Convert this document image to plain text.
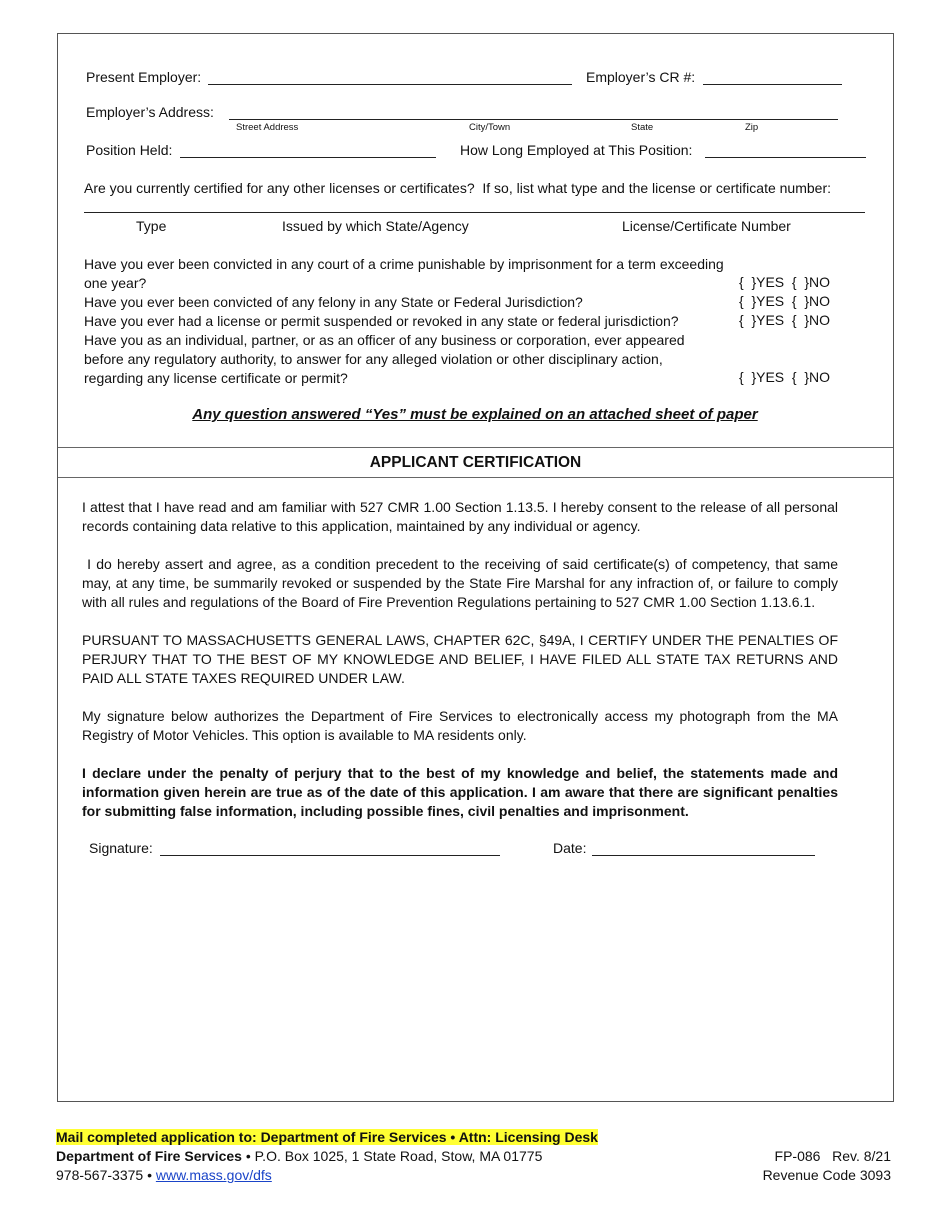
Present Employer:	Employer’s CR #:
Employer’s Address:
Street Address	City/Town	State	Zip
Position Held:	How Long Employed at This Position:
Are you currently certified for any other licenses or certificates?  If so, list what type and the license or certificate number:
Type	Issued by which State/Agency	License/Certificate Number
Have you ever been convicted in any court of a crime punishable by imprisonment for a term exceeding one year?	{  }YES  {  }NO
Have you ever been convicted of any felony in any State or Federal Jurisdiction?	{  }YES  {  }NO
Have you ever had a license or permit suspended or revoked in any state or federal jurisdiction?	{  }YES  {  }NO
Have you as an individual, partner, or as an officer of any business or corporation, ever appeared before any regulatory authority, to answer for any alleged violation or other disciplinary action, regarding any license certificate or permit?	{  }YES  {  }NO
Any question answered “Yes” must be explained on an attached sheet of paper
APPLICANT CERTIFICATION
I attest that I have read and am familiar with 527 CMR 1.00 Section 1.13.5. I hereby consent to the release of all personal records containing data relative to this application, maintained by any individual or agency.
I do hereby assert and agree, as a condition precedent to the receiving of said certificate(s) of competency, that same may, at any time, be summarily revoked or suspended by the State Fire Marshal for any infraction of, or failure to comply with all rules and regulations of the Board of Fire Prevention Regulations pertaining to 527 CMR 1.00 Section 1.13.6.1.
PURSUANT TO MASSACHUSETTS GENERAL LAWS, CHAPTER 62C, §49A, I CERTIFY UNDER THE PENALTIES OF PERJURY THAT TO THE BEST OF MY KNOWLEDGE AND BELIEF, I HAVE FILED ALL STATE TAX RETURNS AND PAID ALL STATE TAXES REQUIRED UNDER LAW.
My signature below authorizes the Department of Fire Services to electronically access my photograph from the MA Registry of Motor Vehicles. This option is available to MA residents only.
I declare under the penalty of perjury that to the best of my knowledge and belief, the statements made and information given herein are true as of the date of this application. I am aware that there are significant penalties for submitting false information, including possible fines, civil penalties and imprisonment.
Signature:	Date:
Mail completed application to: Department of Fire Services • Attn: Licensing Desk
Department of Fire Services • P.O. Box 1025, 1 State Road, Stow, MA 01775
978-567-3375 • www.mass.gov/dfs
FP-086   Rev. 8/21
Revenue Code 3093
